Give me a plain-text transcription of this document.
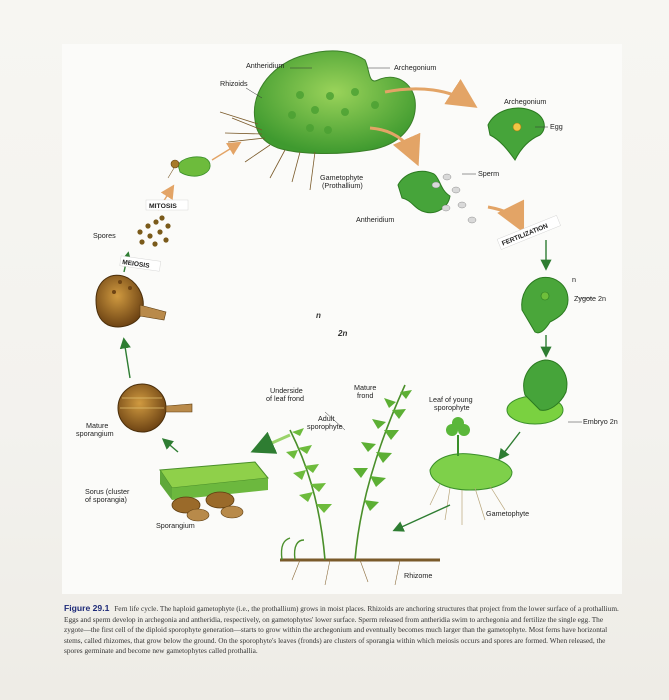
Antheridium	Archegonium
Rhizoids
Gametophyte
(Prothallium)
Archegonium
Egg
Sperm
Antheridium
FERTILIZATION
n
Zygote 2n
MITOSIS
Spores
MEIOSIS
n
2n
Underside
of leaf frond
Mature
frond	Leaf of young
sporophyte
Adult
sporophyte
Embryo 2n
Mature
sporangium
Sorus (cluster
of sporangia)
Sporangium
Gametophyte
Rhizome
Figure 29.1 Fern life cycle. The haploid gametophyte (i.e., the prothallium) grows in moist places. Rhizoids are anchoring structures that project from the lower surface of a prothallium. Eggs and sperm develop in archegonia and antheridia, respectively, on gametophytes' lower surface. Sperm released from antheridia swim to archegonia and fertilize the single egg. The zygote—the first cell of the diploid sporophyte generation—starts to grow within the archegonium and eventually becomes much larger than the gametophyte. Most ferns have horizontal stems, called rhizomes, that grow below the ground. On the sporophyte's leaves (fronds) are clusters of sporangia within which meiosis occurs and spores are formed. When released, the spores germinate and become new gametophytes called prothallia.
